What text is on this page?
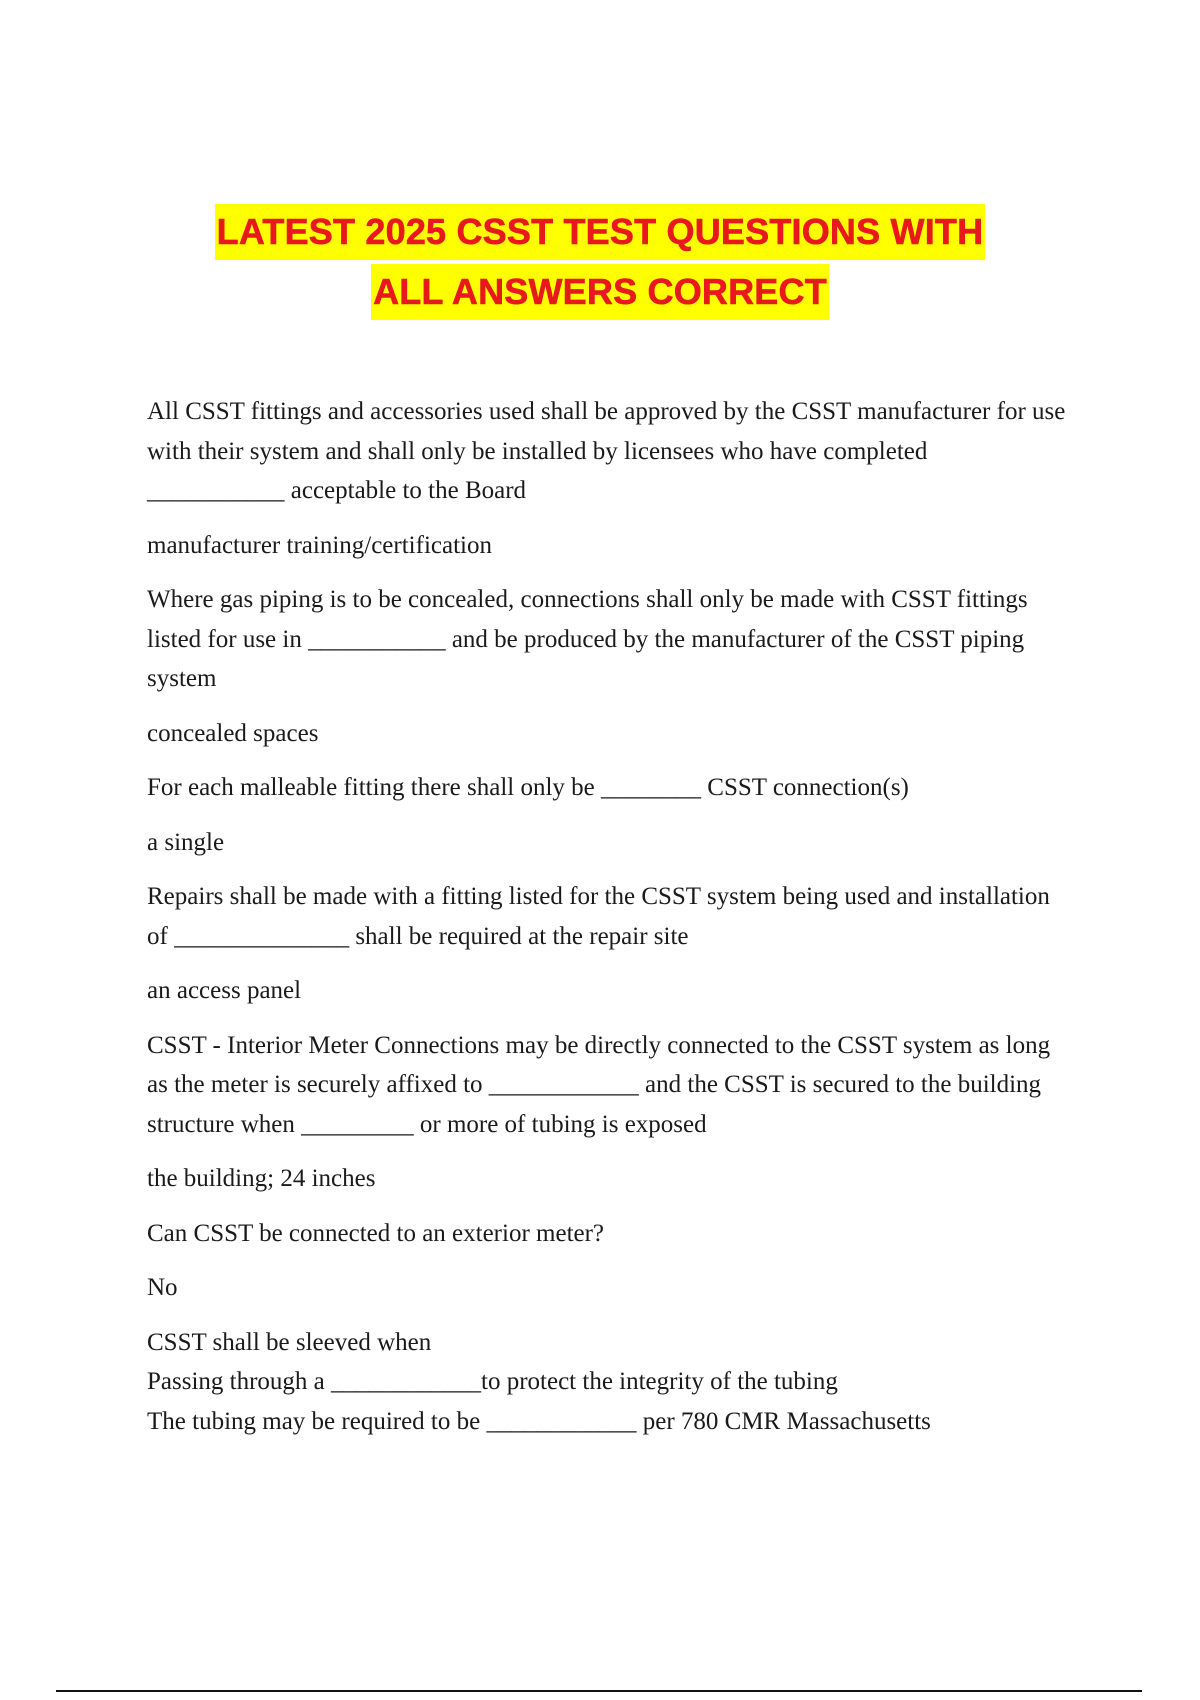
LATEST 2025 CSST TEST QUESTIONS WITH
ALL ANSWERS CORRECT

All CSST fittings and accessories used shall be approved by the CSST manufacturer for use with their system and shall only be installed by licensees who have completed ___________ acceptable to the Board

manufacturer training/certification

Where gas piping is to be concealed, connections shall only be made with CSST fittings listed for use in ___________ and be produced by the manufacturer of the CSST piping system

concealed spaces

For each malleable fitting there shall only be ________ CSST connection(s)

a single

Repairs shall be made with a fitting listed for the CSST system being used and installation of ______________ shall be required at the repair site

an access panel

CSST - Interior Meter Connections may be directly connected to the CSST system as long as the meter is securely affixed to ____________ and the CSST is secured to the building structure when _________ or more of tubing is exposed

the building; 24 inches

Can CSST be connected to an exterior meter?

No

CSST shall be sleeved when

Passing through a ____________to protect the integrity of the tubing

The tubing may be required to be ____________ per 780 CMR Massachusetts
